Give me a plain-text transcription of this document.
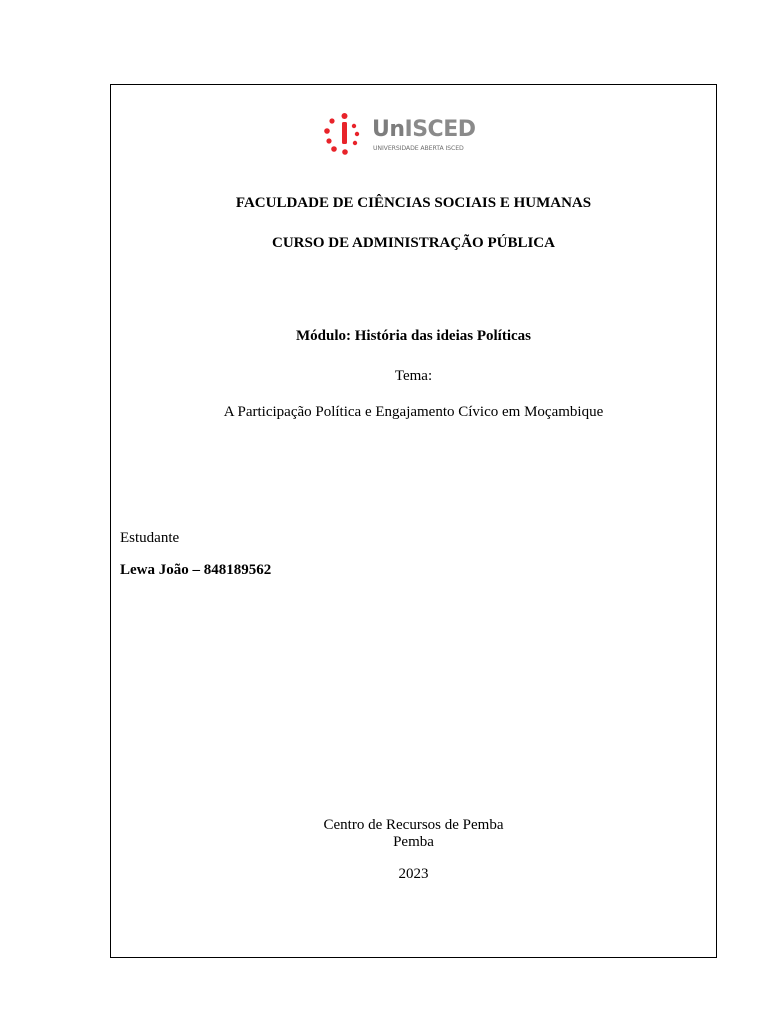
UnISCED
UNIVERSIDADE ABERTA ISCED
FACULDADE DE CIÊNCIAS SOCIAIS E HUMANAS
CURSO DE ADMINISTRAÇÃO PÚBLICA
Módulo: História das ideias Políticas
Tema:
A Participação Política e Engajamento Cívico em Moçambique
Estudante
Lewa João – 848189562
Centro de Recursos de Pemba
Pemba
2023
